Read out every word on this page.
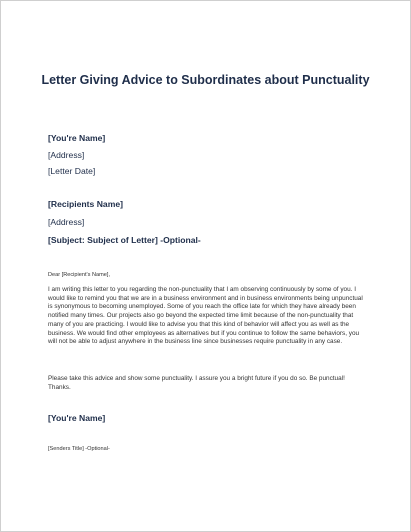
Letter Giving Advice to Subordinates about Punctuality
[You're Name]
[Address]
[Letter Date]
[Recipients Name]
[Address]
[Subject: Subject of Letter] -Optional-
Dear [Recipient's Name],
I am writing this letter to you regarding the non-punctuality that I am observing continuously by some of you. I would like to remind you that we are in a business environment and in business environments being unpunctual is synonymous to becoming unemployed. Some of you reach the office late for which they have already been notified many times. Our projects also go beyond the expected time limit because of the non-punctuality that many of you are practicing. I would like to advise you that this kind of behavior will affect you as well as the business. We would find other employees as alternatives but if you continue to follow the same behaviors, you will not be able to adjust anywhere in the business line since businesses require punctuality in any case.
Please take this advice and show some punctuality. I assure you a bright future if you do so. Be punctual! Thanks.
[You're Name]
[Senders Title] -Optional-
